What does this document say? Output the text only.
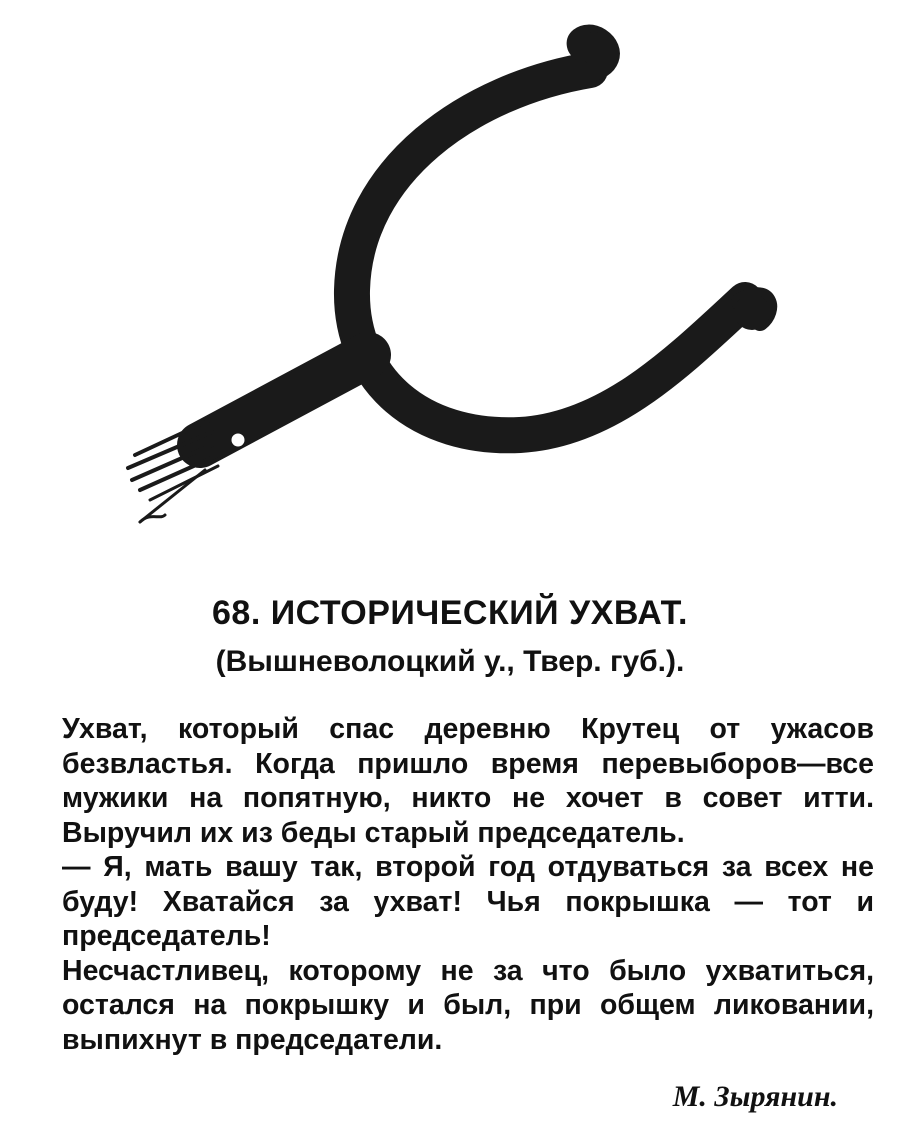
68. ИСТОРИЧЕСКИЙ УХВАТ.

(Вышневолоцкий у., Твер. губ.).

Ухват, который спас деревню Крутец от ужасов безвластья. Когда пришло время перевыборов—все мужики на попятную, никто не хочет в совет итти. Выручил их из беды старый председатель.

— Я, мать вашу так, второй год отдуваться за всех не буду! Хватайся за ухват! Чья покрышка — тот и председатель!

Несчастливец, которому не за что было ухватиться, остался на покрышку и был, при общем ликовании, выпихнут в председатели.

М. Зырянин.
